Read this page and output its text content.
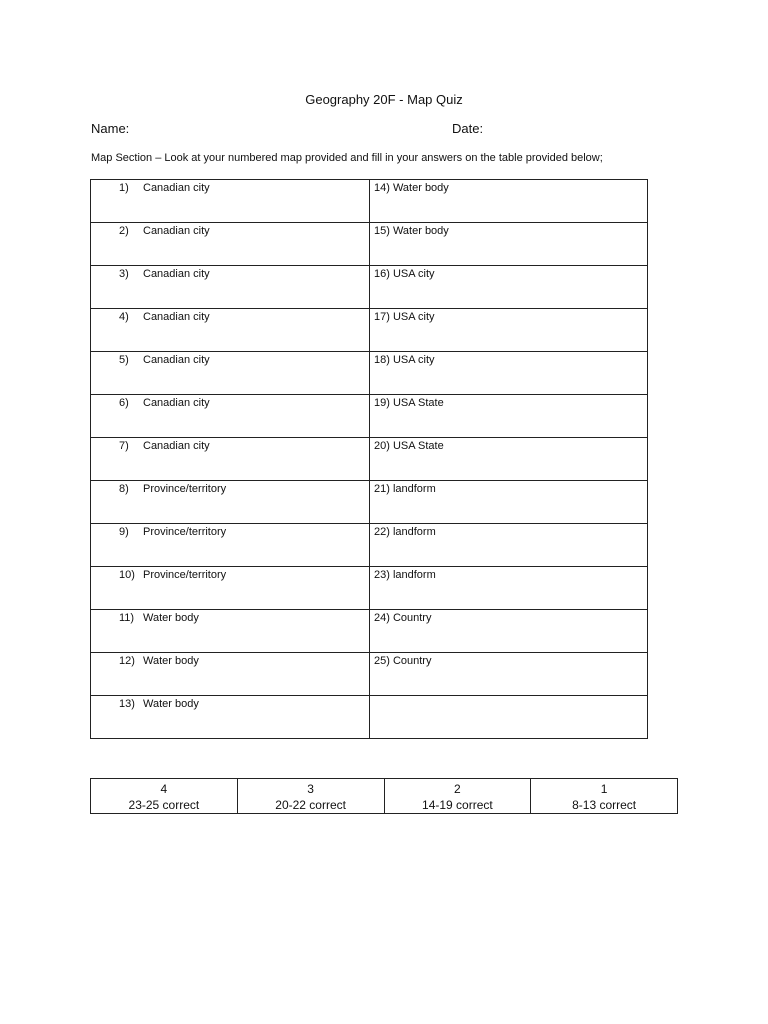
Geography 20F - Map Quiz
Name:	Date:
Map Section – Look at your numbered map provided and fill in your answers on the table provided below;
1) Canadian city	14) Water body
2) Canadian city	15) Water body
3) Canadian city	16) USA city
4) Canadian city	17) USA city
5) Canadian city	18) USA city
6) Canadian city	19) USA State
7) Canadian city	20) USA State
8) Province/territory	21) landform
9) Province/territory	22) landform
10) Province/territory	23) landform
11) Water body	24) Country
12) Water body	25) Country
13) Water body	
4
23-25 correct

3
20-22 correct

2
14-19 correct

1
8-13 correct
